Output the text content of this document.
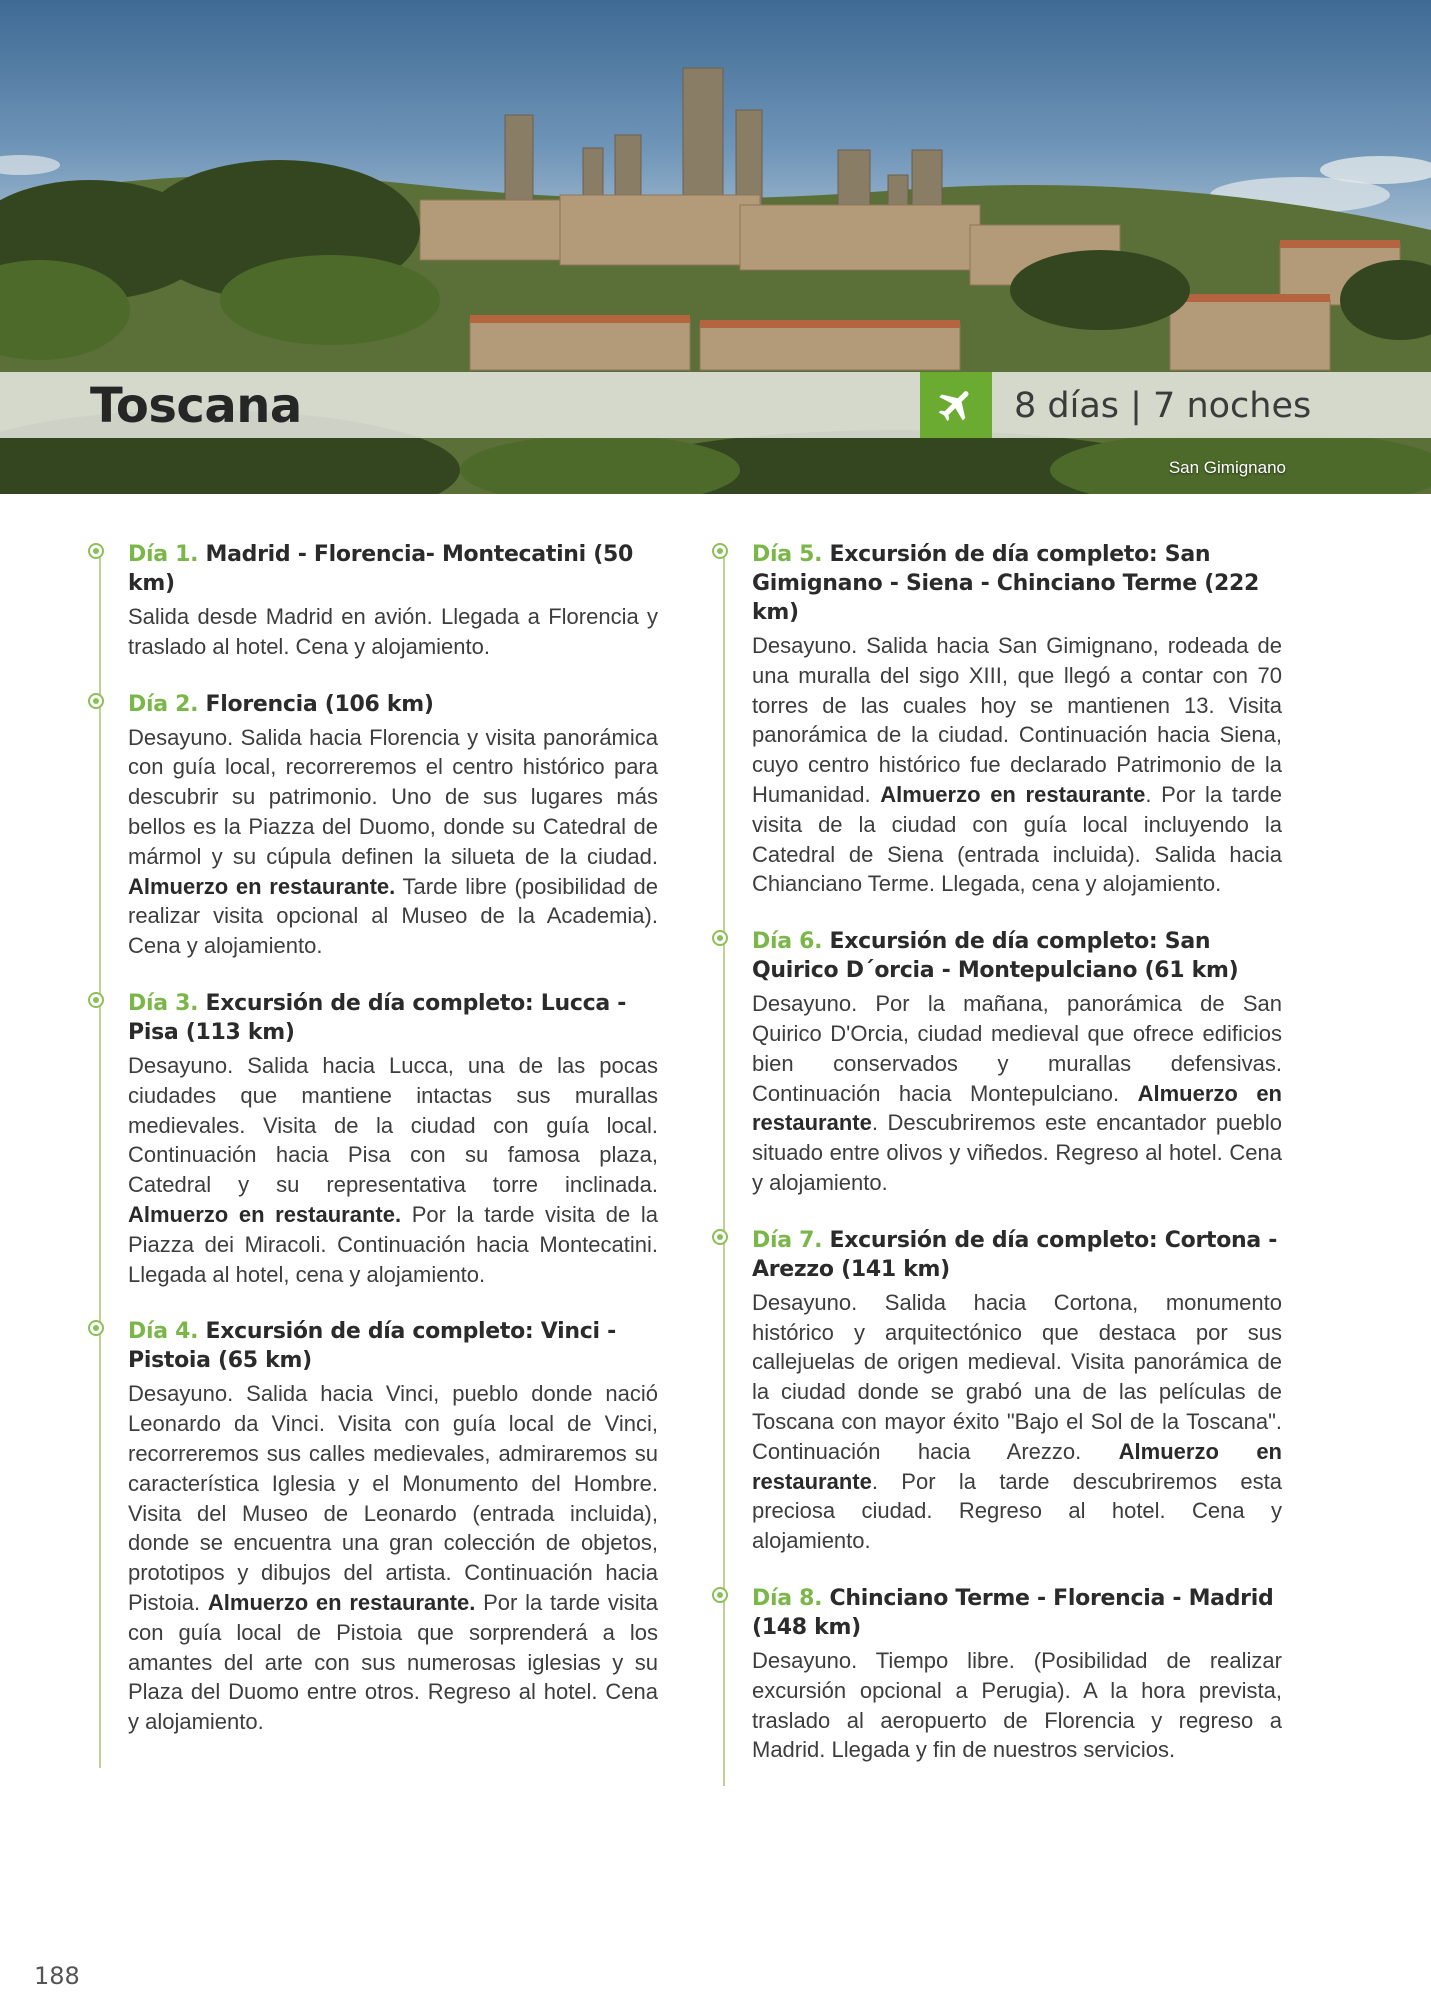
San Gimignano
Toscana	8 días | 7 noches
Día 1. Madrid - Florencia- Montecatini (50 km)

Salida desde Madrid en avión. Llegada a Florencia y traslado al hotel. Cena y alojamiento.

Día 2. Florencia (106 km)

Desayuno. Salida hacia Florencia y visita panorámica con guía local, recorreremos el centro histórico para descubrir su patrimonio. Uno de sus lugares más bellos es la Piazza del Duomo, donde su Catedral de mármol y su cúpula definen la silueta de la ciudad. Almuerzo en restaurante. Tarde libre (posibilidad de realizar visita opcional al Museo de la Academia). Cena y alojamiento.

Día 3. Excursión de día completo: Lucca - Pisa (113 km)

Desayuno. Salida hacia Lucca, una de las pocas ciudades que mantiene intactas sus murallas medievales. Visita de la ciudad con guía local. Continuación hacia Pisa con su famosa plaza, Catedral y su representativa torre inclinada. Almuerzo en restaurante. Por la tarde visita de la Piazza dei Miracoli. Continuación hacia Montecatini. Llegada al hotel, cena y alojamiento.

Día 4. Excursión de día completo: Vinci - Pistoia (65 km)

Desayuno. Salida hacia Vinci, pueblo donde nació Leonardo da Vinci. Visita con guía local de Vinci, recorreremos sus calles medievales, admiraremos su característica Iglesia y el Monumento del Hombre. Visita del Museo de Leonardo (entrada incluida), donde se encuentra una gran colección de objetos, prototipos y dibujos del artista. Continuación hacia Pistoia. Almuerzo en restaurante. Por la tarde visita con guía local de Pistoia que sorprenderá a los amantes del arte con sus numerosas iglesias y su Plaza del Duomo entre otros. Regreso al hotel. Cena y alojamiento.

Día 5. Excursión de día completo: San Gimignano - Siena - Chinciano Terme (222 km)

Desayuno. Salida hacia San Gimignano, rodeada de una muralla del sigo XIII, que llegó a contar con 70 torres de las cuales hoy se mantienen 13. Visita panorámica de la ciudad. Continuación hacia Siena, cuyo centro histórico fue declarado Patrimonio de la Humanidad. Almuerzo en restaurante. Por la tarde visita de la ciudad con guía local incluyendo la Catedral de Siena (entrada incluida). Salida hacia Chianciano Terme. Llegada, cena y alojamiento.

Día 6. Excursión de día completo: San Quirico D´orcia - Montepulciano (61 km)

Desayuno. Por la mañana, panorámica de San Quirico D'Orcia, ciudad medieval que ofrece edificios bien conservados y murallas defensivas. Continuación hacia Montepulciano. Almuerzo en restaurante. Descubriremos este encantador pueblo situado entre olivos y viñedos. Regreso al hotel. Cena y alojamiento.

Día 7. Excursión de día completo: Cortona - Arezzo (141 km)

Desayuno. Salida hacia Cortona, monumento histórico y arquitectónico que destaca por sus callejuelas de origen medieval. Visita panorámica de la ciudad donde se grabó una de las películas de Toscana con mayor éxito "Bajo el Sol de la Toscana". Continuación hacia Arezzo. Almuerzo en restaurante. Por la tarde descubriremos esta preciosa ciudad. Regreso al hotel. Cena y alojamiento.

Día 8. Chinciano Terme - Florencia - Madrid (148 km)

Desayuno. Tiempo libre. (Posibilidad de realizar excursión opcional a Perugia). A la hora prevista, traslado al aeropuerto de Florencia y regreso a Madrid. Llegada y fin de nuestros servicios.

188
